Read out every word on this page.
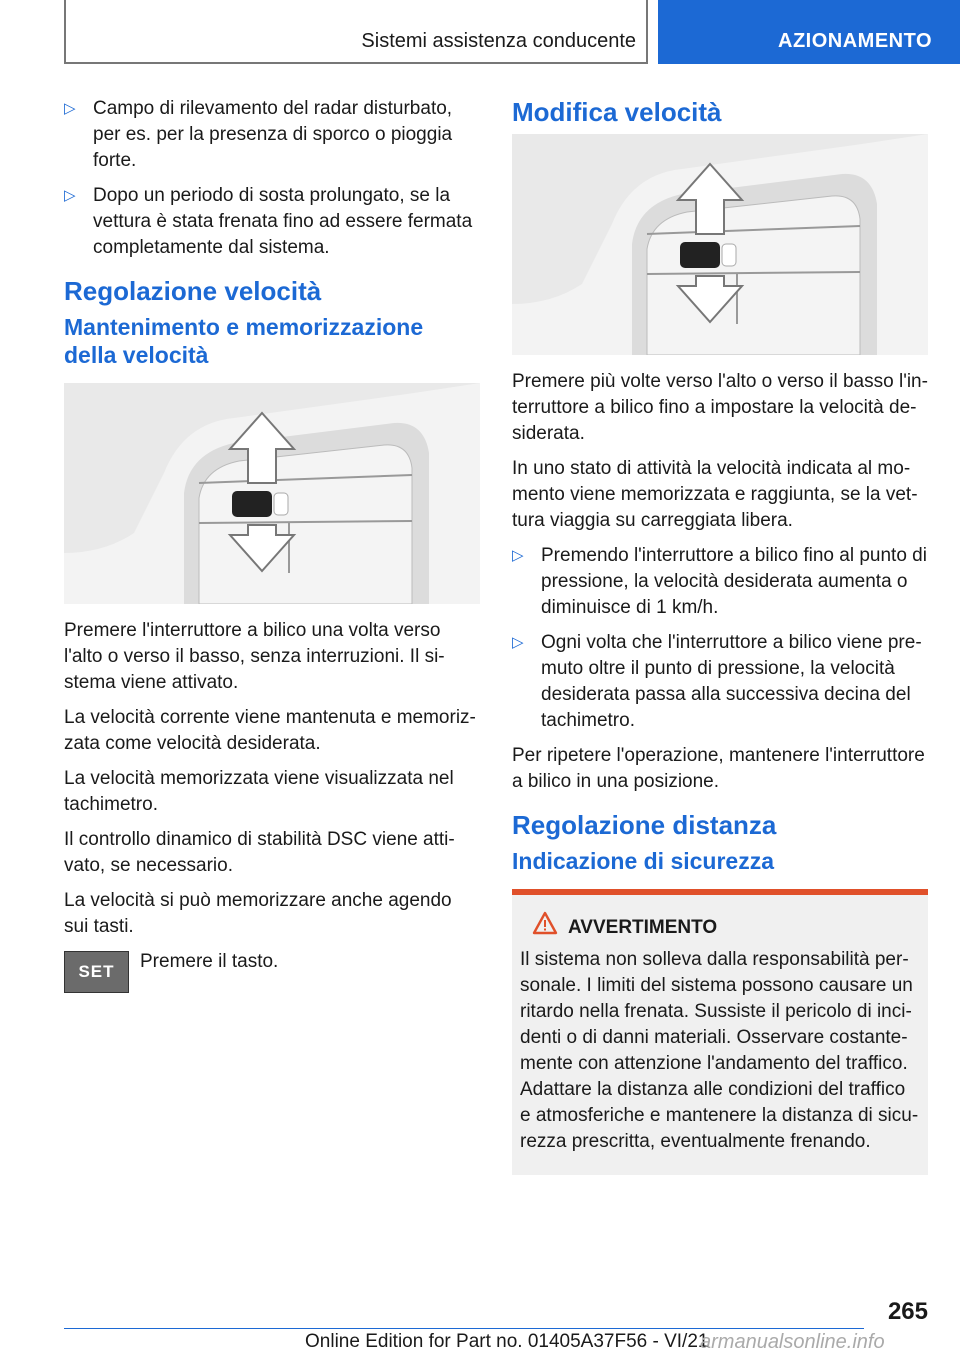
Sistemi assistenza conducente	AZIONAMENTO
▷ Campo di rilevamento del radar disturbato, per es. per la presenza di sporco o pioggia forte.
▷ Dopo un periodo di sosta prolungato, se la vettura è stata frenata fino ad essere fermata completamente dal sistema.
Regolazione velocità
Mantenimento e memorizzazione della velocità

Premere l'interruttore a bilico una volta verso l'alto o verso il basso, senza interruzioni. Il sistema viene attivato.

La velocità corrente viene mantenuta e memorizzata come velocità desiderata.

La velocità memorizzata viene visualizzata nel tachimetro.

Il controllo dinamico di stabilità DSC viene attivato, se necessario.

La velocità si può memorizzare anche agendo sui tasti.

SET	Premere il tasto.
Modifica velocità

Premere più volte verso l'alto o verso il basso l'interruttore a bilico fino a impostare la velocità desiderata.

In uno stato di attività la velocità indicata al momento viene memorizzata e raggiunta, se la vettura viaggia su carreggiata libera.

▷ Premendo l'interruttore a bilico fino al punto di pressione, la velocità desiderata aumenta o diminuisce di 1 km/h.
▷ Ogni volta che l'interruttore a bilico viene premuto oltre il punto di pressione, la velocità desiderata passa alla successiva decina del tachimetro.

Per ripetere l'operazione, mantenere l'interruttore a bilico in una posizione.

Regolazione distanza
Indicazione di sicurezza
AVVERTIMENTO
Il sistema non solleva dalla responsabilità personale. I limiti del sistema possono causare un ritardo nella frenata. Sussiste il pericolo di incidenti o di danni materiali. Osservare costantemente con attenzione l'andamento del traffico. Adattare la distanza alle condizioni del traffico e atmosferiche e mantenere la distanza di sicurezza prescritta, eventualmente frenando.
265
Online Edition for Part no. 01405A37F56 - VI/21
armanualsonline.info
